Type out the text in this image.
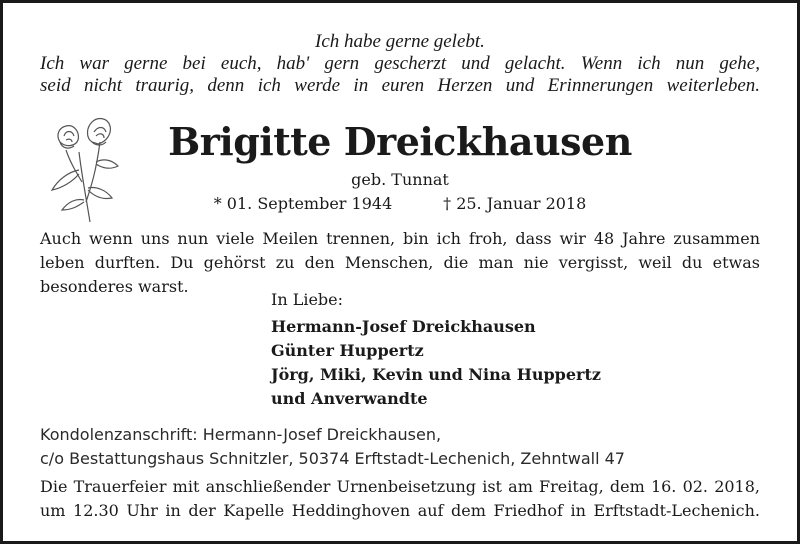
Ich habe gerne gelebt.
Ich war gerne bei euch, hab' gern gescherzt und gelacht. Wenn ich nun gehe,
seid nicht traurig, denn ich werde in euren Herzen und Erinnerungen weiterleben.
Brigitte Dreickhausen
geb. Tunnat
* 01. September 1944	† 25. Januar 2018
Auch wenn uns nun viele Meilen trennen, bin ich froh, dass wir 48 Jahre zusammen
leben durften. Du gehörst zu den Menschen, die man nie vergisst, weil du etwas
besonderes warst.
In Liebe:
Hermann-Josef Dreickhausen
Günter Huppertz
Jörg, Miki, Kevin und Nina Huppertz
und Anverwandte
Kondolenzanschrift: Hermann-Josef Dreickhausen,
c/o Bestattungshaus Schnitzler, 50374 Erftstadt-Lechenich, Zehntwall 47
Die Trauerfeier mit anschließender Urnenbeisetzung ist am Freitag, dem 16. 02. 2018,
um 12.30 Uhr in der Kapelle Heddinghoven auf dem Friedhof in Erftstadt-Lechenich.
